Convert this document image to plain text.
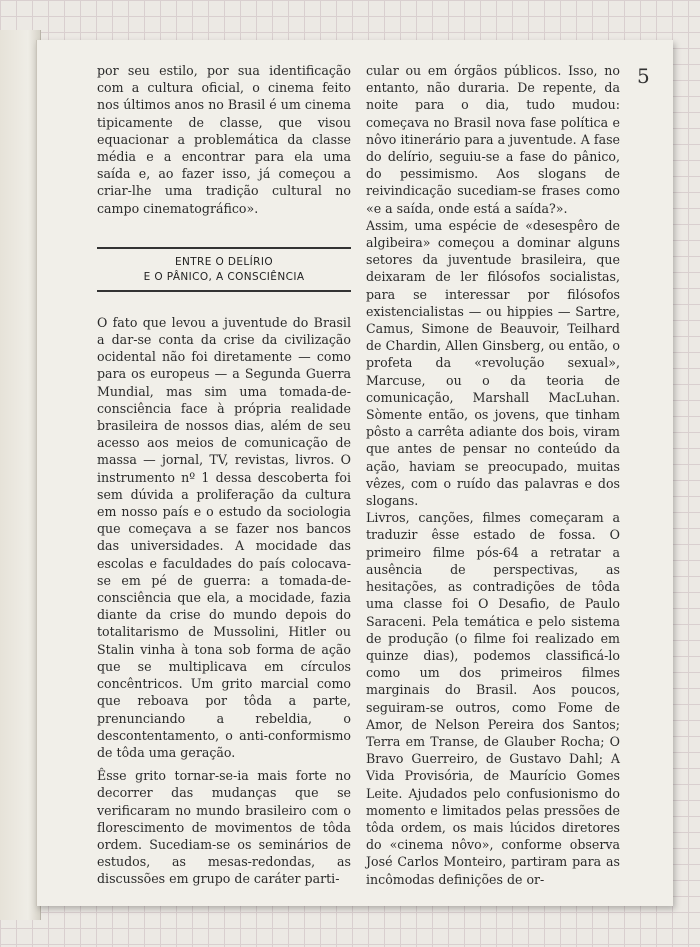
5

por seu estilo, por sua identificação com a cultura oficial, o cinema feito nos últimos anos no Brasil é um cinema tipicamente de classe, que visou equacionar a problemática da classe média e a encontrar para ela uma saída e, ao fazer isso, já começou a criar-lhe uma tradição cultural no campo cinematográfico».

ENTRE O DELÍRIO
E O PÂNICO, A CONSCIÊNCIA

O fato que levou a juventude do Brasil a dar-se conta da crise da civilização ocidental não foi diretamente — como para os europeus — a Segunda Guerra Mundial, mas sim uma tomada-de-consciência face à própria realidade brasileira de nossos dias, além de seu acesso aos meios de comunicação de massa — jornal, TV, revistas, livros. O instrumento nº 1 dessa descoberta foi sem dúvida a proliferação da cultura em nosso país e o estudo da sociologia que começava a se fazer nos bancos das universidades. A mocidade das escolas e faculdades do país colocava-se em pé de guerra: a tomada-de-consciência que ela, a mocidade, fazia diante da crise do mundo depois do totalitarismo de Mussolini, Hitler ou Stalin vinha à tona sob forma de ação que se multiplicava em círculos concêntricos. Um grito marcial como que reboava por tôda a parte, prenunciando a rebeldia, o descontentamento, o anti-conformismo de tôda uma geração.

Êsse grito tornar-se-ia mais forte no decorrer das mudanças que se verificaram no mundo brasileiro com o florescimento de movimentos de tôda ordem. Sucediam-se os seminários de estudos, as mesas-redondas, as discussões em grupo de caráter parti-

cular ou em órgãos públicos. Isso, no entanto, não duraria. De repente, da noite para o dia, tudo mudou: começava no Brasil nova fase política e nôvo itinerário para a juventude. A fase do delírio, seguiu-se a fase do pânico, do pessimismo. Aos slogans de reivindicação sucediam-se frases como «e a saída, onde está a saída?».

Assim, uma espécie de «desespêro de algibeira» começou a dominar alguns setores da juventude brasileira, que deixaram de ler filósofos socialistas, para se interessar por filósofos existencialistas — ou hippies — Sartre, Camus, Simone de Beauvoir, Teilhard de Chardin, Allen Ginsberg, ou então, o profeta da «revolução sexual», Marcuse, ou o da teoria de comunicação, Marshall MacLuhan. Sòmente então, os jovens, que tinham pôsto a carrêta adiante dos bois, viram que antes de pensar no conteúdo da ação, haviam se preocupado, muitas vêzes, com o ruído das palavras e dos slogans.

Livros, canções, filmes começaram a traduzir êsse estado de fossa. O primeiro filme pós-64 a retratar a ausência de perspectivas, as hesitações, as contradições de tôda uma classe foi O Desafio, de Paulo Saraceni. Pela temática e pelo sistema de produção (o filme foi realizado em quinze dias), podemos classificá-lo como um dos primeiros filmes marginais do Brasil. Aos poucos, seguiram-se outros, como Fome de Amor, de Nelson Pereira dos Santos; Terra em Transe, de Glauber Rocha; O Bravo Guerreiro, de Gustavo Dahl; A Vida Provisória, de Maurício Gomes Leite. Ajudados pelo confusionismo do momento e limitados pelas pressões de tôda ordem, os mais lúcidos diretores do «cinema nôvo», conforme observa José Carlos Monteiro, partiram para as incômodas definições de or-
